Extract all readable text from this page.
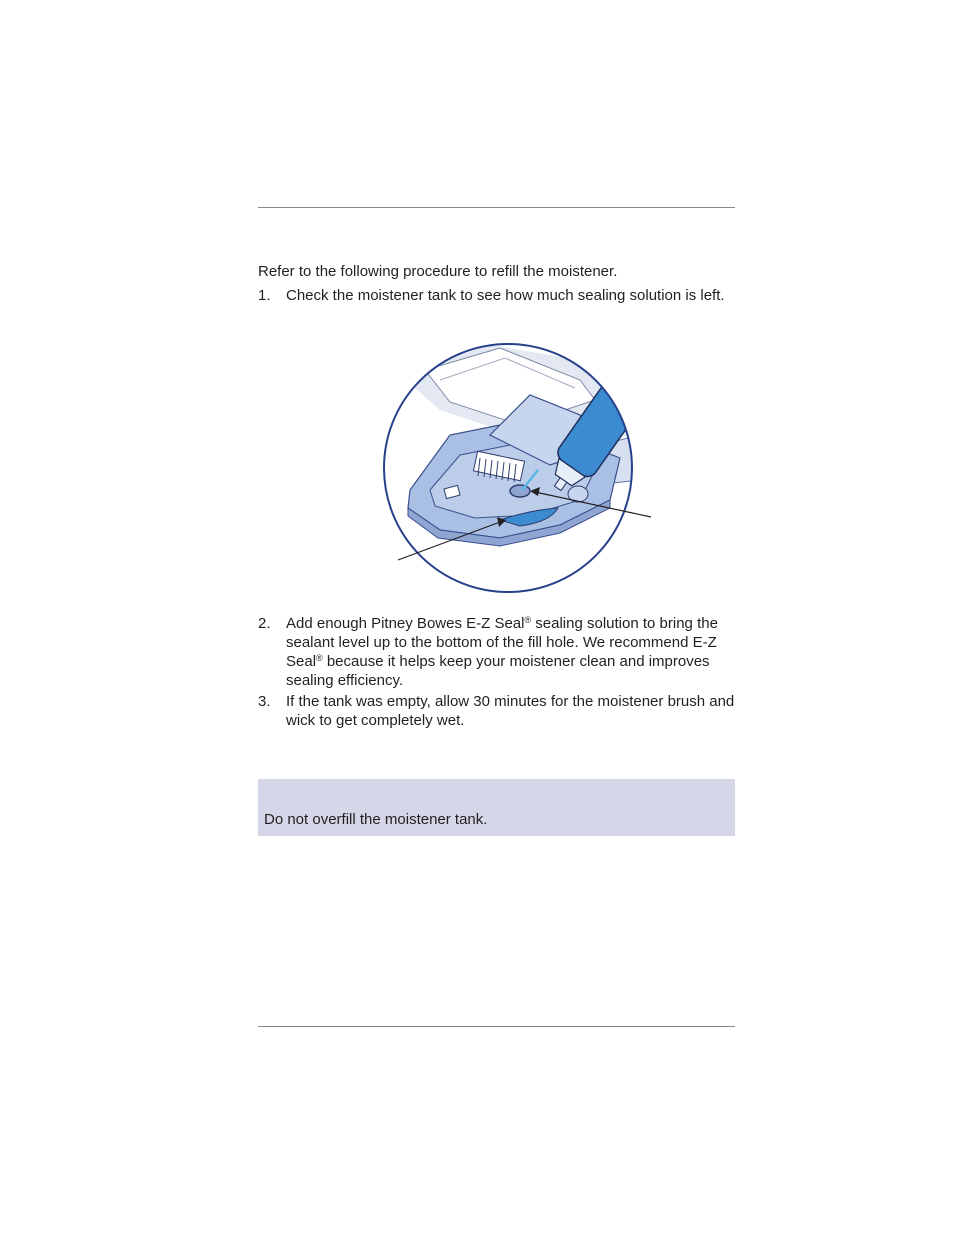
Refer to the following procedure to refill the moistener.
1. Check the moistener tank to see how much sealing solution is left.
2. Add enough Pitney Bowes E-Z Seal® sealing solution to bring the sealant level up to the bottom of the fill hole. We recommend E-Z Seal® because it helps keep your moistener clean and improves sealing efficiency.
3. If the tank was empty, allow 30 minutes for the moistener brush and wick to get completely wet.
Do not overfill the moistener tank.
